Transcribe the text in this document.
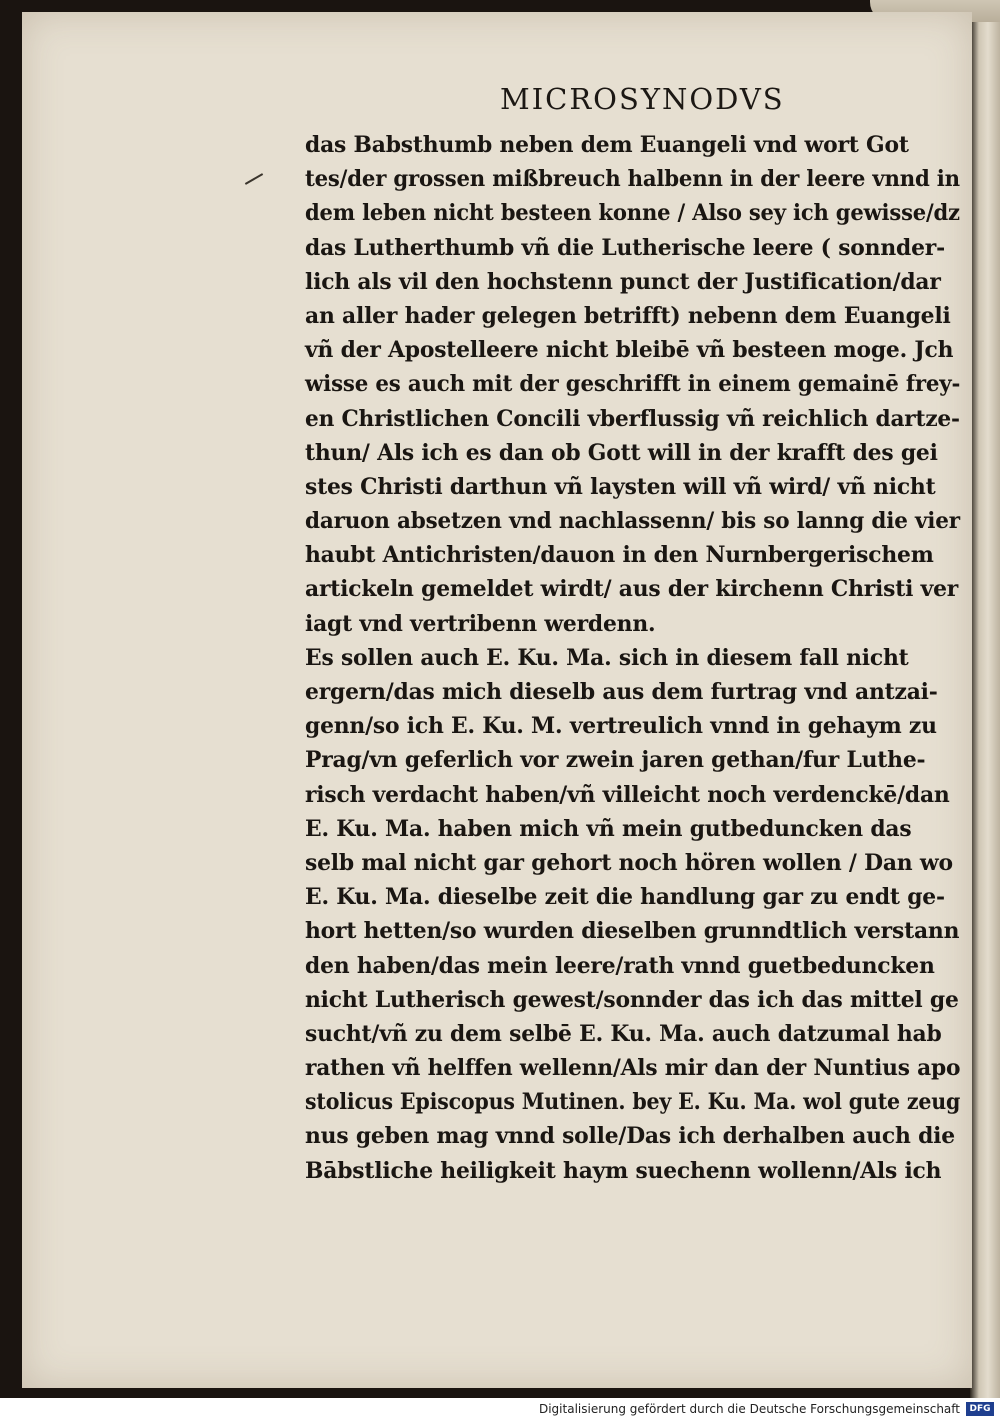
MICROSYNODVS
das Babsthumb neben dem Euangeli vnd wort Got
tes/der grossen mißbreuch halbenn in der leere vnnd in
dem leben nicht besteen konne / Also sey ich gewisse/dz
das Lutherthumb vñ die Lutherische leere ( sonnder-
lich als vil den hochstenn punct der Justification/dar
an aller hader gelegen betrifft) nebenn dem Euangeli
vñ der Apostelleere nicht bleibē vñ besteen moge. Jch
wisse es auch mit der geschrifft in einem gemainē frey-
en Christlichen Concili vberflussig vñ reichlich dartze-
thun/ Als ich es dan ob Gott will in der krafft des gei
stes Christi darthun vñ laysten will vñ wird/ vñ nicht
daruon absetzen vnd nachlassenn/ bis so lanng die vier
haubt Antichristen/dauon in den Nurnbergerischem
artickeln gemeldet wirdt/ aus der kirchenn Christi ver
iagt vnd vertribenn werdenn.
Es sollen auch E. Ku. Ma. sich in diesem fall nicht
ergern/das mich dieselb aus dem furtrag vnd antzai-
genn/so ich E. Ku. M. vertreulich vnnd in gehaym zu
Prag/vn geferlich vor zwein jaren gethan/fur Luthe-
risch verdacht haben/vñ villeicht noch verdenckē/dan
E. Ku. Ma. haben mich vñ mein gutbeduncken das
selb mal nicht gar gehort noch hören wollen / Dan wo
E. Ku. Ma. dieselbe zeit die handlung gar zu endt ge-
hort hetten/so wurden dieselben grunndtlich verstann
den haben/das mein leere/rath vnnd guetbeduncken
nicht Lutherisch gewest/sonnder das ich das mittel ge
sucht/vñ zu dem selbē E. Ku. Ma. auch datzumal hab
rathen vñ helffen wellenn/Als mir dan der Nuntius apo
stolicus Episcopus Mutinen. bey E. Ku. Ma. wol gute zeug
nus geben mag vnnd solle/Das ich derhalben auch die
Bābstliche heiligkeit haym suechenn wollenn/Als ich
Digitalisierung gefördert durch die Deutsche Forschungsgemeinschaft	DFG
